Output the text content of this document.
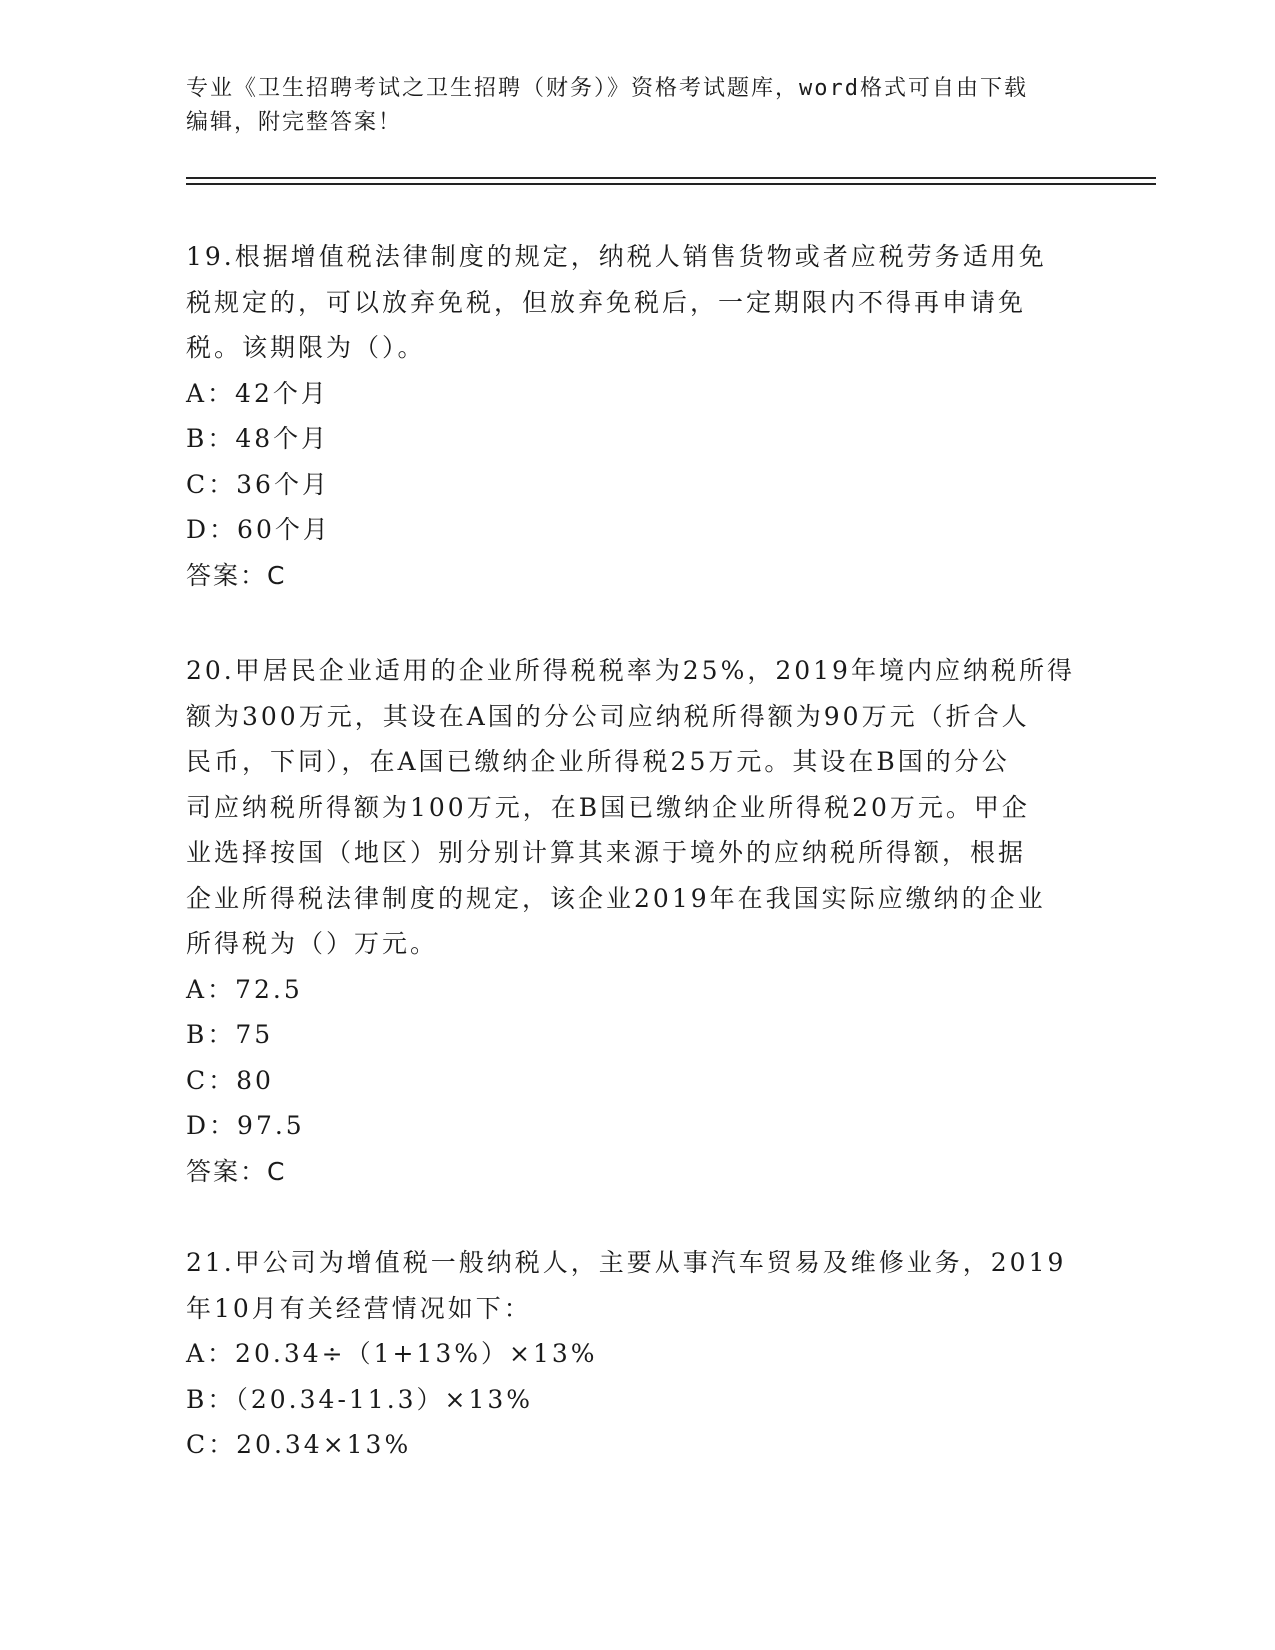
专业《卫生招聘考试之卫生招聘（财务）》资格考试题库，word格式可自由下载
编辑，附完整答案！

19.根据增值税法律制度的规定，纳税人销售货物或者应税劳务适用免

税规定的，可以放弃免税，但放弃免税后，一定期限内不得再申请免

税。该期限为（）。

A：42个月

B：48个月

C：36个月

D：60个月

答案：C

20.甲居民企业适用的企业所得税税率为25%，2019年境内应纳税所得

额为300万元，其设在A国的分公司应纳税所得额为90万元（折合人

民币，下同），在A国已缴纳企业所得税25万元。其设在B国的分公

司应纳税所得额为100万元，在B国已缴纳企业所得税20万元。甲企

业选择按国（地区）别分别计算其来源于境外的应纳税所得额，根据

企业所得税法律制度的规定，该企业2019年在我国实际应缴纳的企业

所得税为（）万元。

A：72.5

B：75

C：80

D：97.5

答案：C

21.甲公司为增值税一般纳税人，主要从事汽车贸易及维修业务，2019

年10月有关经营情况如下：

A：20.34÷（1+13%）×13%

B：（20.34-11.3）×13%

C：20.34×13%
